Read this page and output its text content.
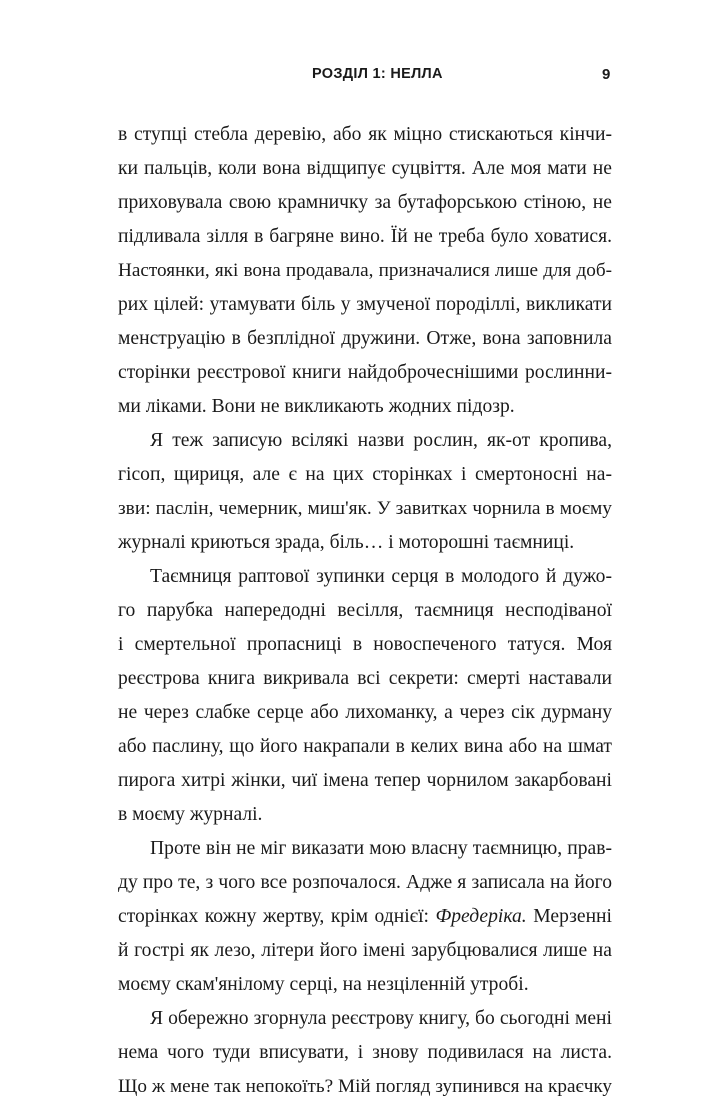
РОЗДІЛ 1: НЕЛЛА	9
в ступці стебла деревію, або як міцно стискаються кінчи-
ки пальців, коли вона відщипує суцвіття. Але моя мати не
приховувала свою крамничку за бутафорською стіною, не
підливала зілля в багряне вино. Їй не треба було ховатися.
Настоянки, які вона продавала, призначалися лише для доб-
рих цілей: утамувати біль у змученої породіллі, викликати
менструацію в безплідної дружини. Отже, вона заповнила
сторінки реєстрової книги найдоброчеснішими рослинни-
ми ліками. Вони не викликають жодних підозр.
Я теж записую всілякі назви рослин, як-от кропива,
гісоп, щириця, але є на цих сторінках і смертоносні на-
зви: паслін, чемерник, миш'як. У завитках чорнила в моєму
журналі криються зрада, біль… і моторошні таємниці.
Таємниця раптової зупинки серця в молодого й дужо-
го парубка напередодні весілля, таємниця несподіваної
і смертельної пропасниці в новоспеченого татуся. Моя
реєстрова книга викривала всі секрети: смерті наставали
не через слабке серце або лихоманку, а через сік дурману
або паслину, що його накрапали в келих вина або на шмат
пирога хитрі жінки, чиї імена тепер чорнилом закарбовані
в моєму журналі.
Проте він не міг виказати мою власну таємницю, прав-
ду про те, з чого все розпочалося. Адже я записала на його
сторінках кожну жертву, крім однієї: Фредеріка. Мерзенні
й гострі як лезо, літери його імені зарубцювалися лише на
моєму скам'янілому серці, на незціленній утробі.
Я обережно згорнула реєстрову книгу, бо сьогодні мені
нема чого туди вписувати, і знову подивилася на листа.
Що ж мене так непокоїть? Мій погляд зупинився на краєчку
